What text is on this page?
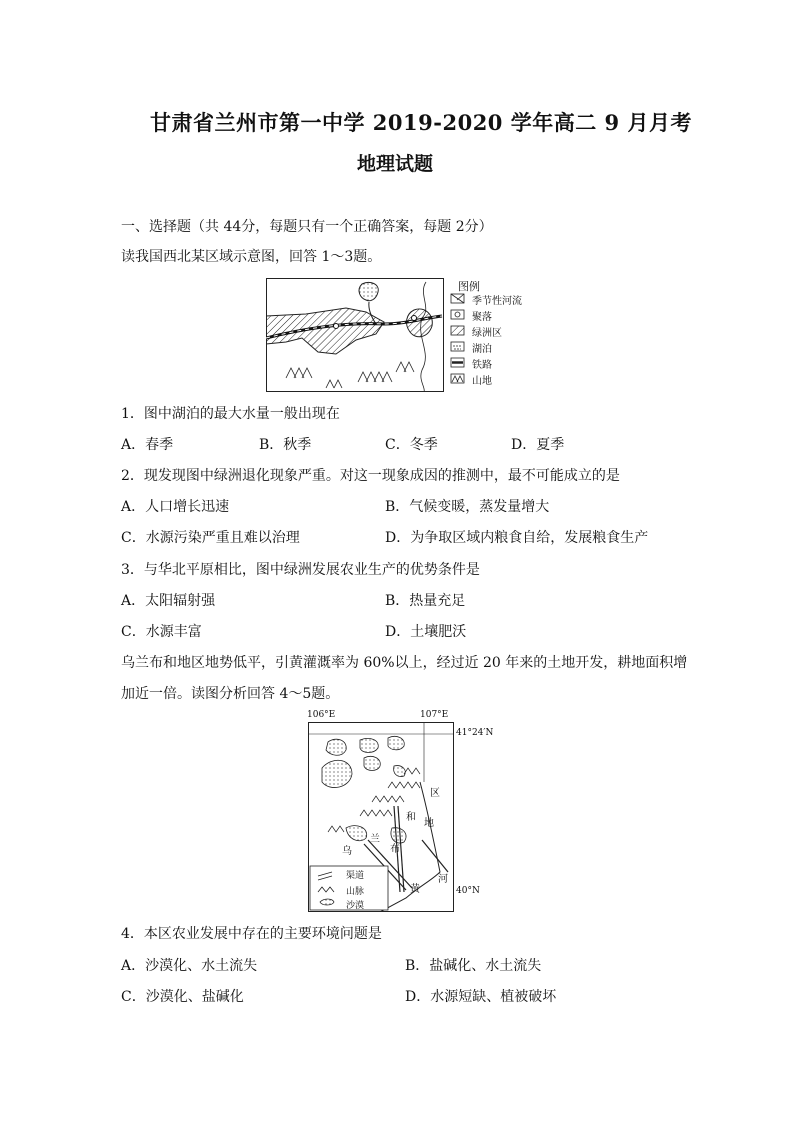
甘肃省兰州市第一中学 2019-2020 学年高二 9 月月考
地理试题
一、选择题（共 44分，每题只有一个正确答案，每题 2分）
读我国西北某区域示意图，回答 1～3题。
图例
季节性河流
聚落
绿洲区
湖泊
铁路
山地
1．图中湖泊的最大水量一般出现在
A．春季	B．秋季	C．冬季	D．夏季
2．现发现图中绿洲退化现象严重。对这一现象成因的推测中，最不可能成立的是
A．人口增长迅速	B．气候变暖，蒸发量增大
C．水源污染严重且难以治理	D．为争取区域内粮食自给，发展粮食生产
3．与华北平原相比，图中绿洲发展农业生产的优势条件是
A．太阳辐射强	B．热量充足
C．水源丰富	D．土壤肥沃
乌兰布和地区地势低平，引黄灌溉率为 60%以上，经过近 20 年来的土地开发，耕地面积增
加近一倍。读图分析回答 4～5题。
106°E	107°E
41°24′N
40°N
区
地
和
布
兰
乌
黄
河
渠道
山脉
沙漠
4．本区农业发展中存在的主要环境问题是
A．沙漠化、水土流失	B．盐碱化、水土流失
C．沙漠化、盐碱化	D．水源短缺、植被破坏
